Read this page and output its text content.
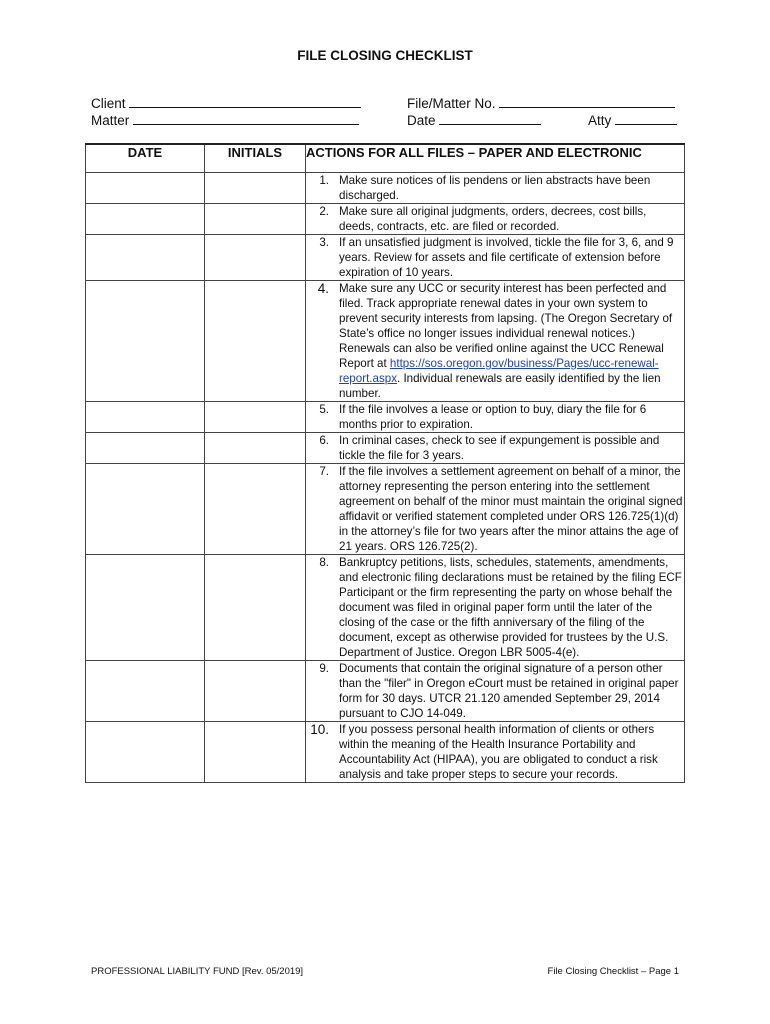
FILE CLOSING CHECKLIST
Client
Matter
File/Matter No.
Date	Atty
DATE	INITIALS	ACTIONS FOR ALL FILES – PAPER AND ELECTRONIC

		1. Make sure notices of lis pendens or lien abstracts have been discharged.

		2. Make sure all original judgments, orders, decrees, cost bills, deeds, contracts, etc. are filed or recorded.

		3. If an unsatisfied judgment is involved, tickle the file for 3, 6, and 9 years. Review for assets and file certificate of extension before expiration of 10 years.

		4. Make sure any UCC or security interest has been perfected and filed. Track appropriate renewal dates in your own system to prevent security interests from lapsing. (The Oregon Secretary of State’s office no longer issues individual renewal notices.) Renewals can also be verified online against the UCC Renewal Report at https://sos.oregon.gov/business/Pages/ucc-renewal-report.aspx. Individual renewals are easily identified by the lien number.

		5. If the file involves a lease or option to buy, diary the file for 6 months prior to expiration.

		6. In criminal cases, check to see if expungement is possible and tickle the file for 3 years.

		7. If the file involves a settlement agreement on behalf of a minor, the attorney representing the person entering into the settlement agreement on behalf of the minor must maintain the original signed affidavit or verified statement completed under ORS 126.725(1)(d) in the attorney’s file for two years after the minor attains the age of 21 years. ORS 126.725(2).

		8. Bankruptcy petitions, lists, schedules, statements, amendments, and electronic filing declarations must be retained by the filing ECF Participant or the firm representing the party on whose behalf the document was filed in original paper form until the later of the closing of the case or the fifth anniversary of the filing of the document, except as otherwise provided for trustees by the U.S. Department of Justice. Oregon LBR 5005-4(e).

		9. Documents that contain the original signature of a person other than the "filer" in Oregon eCourt must be retained in original paper form for 30 days. UTCR 21.120 amended September 29, 2014 pursuant to CJO 14-049.

		10. If you possess personal health information of clients or others within the meaning of the Health Insurance Portability and Accountability Act (HIPAA), you are obligated to conduct a risk analysis and take proper steps to secure your records.
PROFESSIONAL LIABILITY FUND [Rev. 05/2019]	File Closing Checklist – Page 1
